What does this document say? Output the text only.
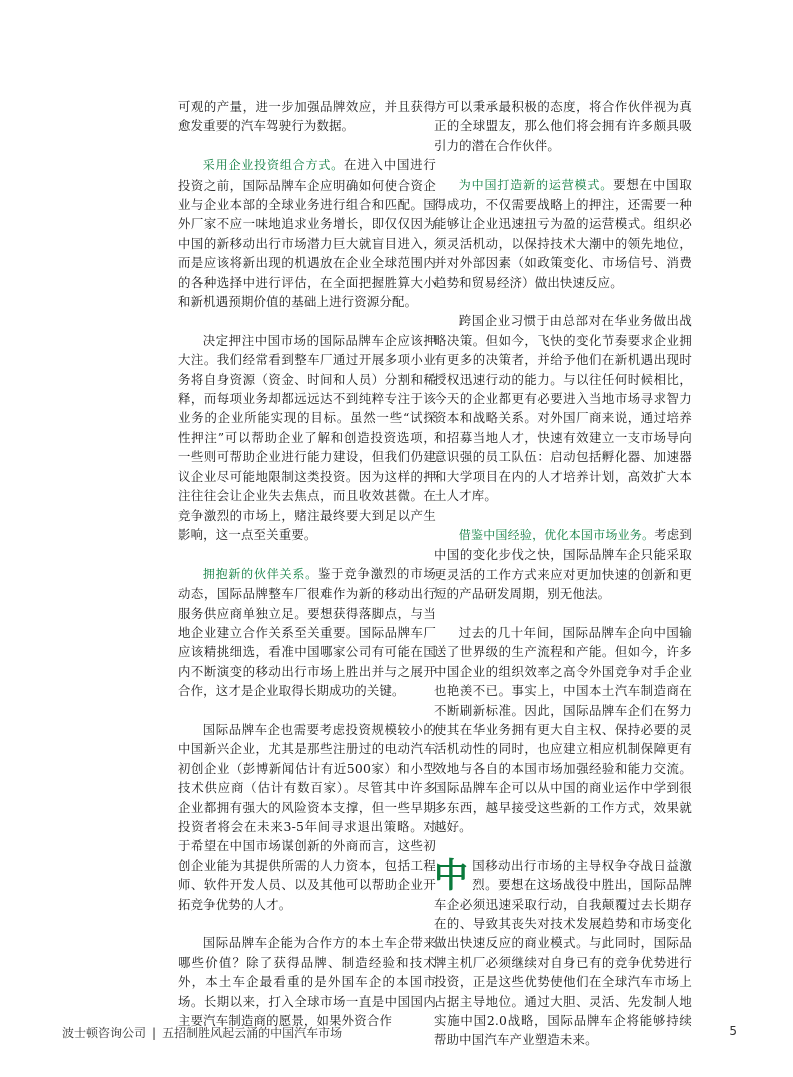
可观的产量，进一步加强品牌效应，并且获得愈发重要的汽车驾驶行为数据。

采用企业投资组合方式。在进入中国进行投资之前，国际品牌车企应明确如何使合资企业与企业本部的全球业务进行组合和匹配。国外厂家不应一味地追求业务增长，即仅仅因为中国的新移动出行市场潜力巨大就盲目进入，而是应该将新出现的机遇放在企业全球范围内的各种选择中进行评估，在全面把握胜算大小和新机遇预期价值的基础上进行资源分配。

决定押注中国市场的国际品牌车企应该押大注。我们经常看到整车厂通过开展多项小业务将自身资源（资金、时间和人员）分割和稀释，而每项业务却都远远达不到纯粹专注于该业务的企业所能实现的目标。虽然一些“试探性押注”可以帮助企业了解和创造投资选项，一些则可帮助企业进行能力建设，但我们仍建议企业尽可能地限制这类投资。因为这样的押注往往会让企业失去焦点，而且收效甚微。在竞争激烈的市场上，赌注最终要大到足以产生影响，这一点至关重要。

拥抱新的伙伴关系。鉴于竞争激烈的市场动态，国际品牌整车厂很难作为新的移动出行服务供应商单独立足。要想获得落脚点，与当地企业建立合作关系至关重要。国际品牌车厂应该精挑细选，看准中国哪家公司有可能在国内不断演变的移动出行市场上胜出并与之展开合作，这才是企业取得长期成功的关键。

国际品牌车企也需要考虑投资规模较小的中国新兴企业，尤其是那些注册过的电动汽车初创企业（彭博新闻估计有近500家）和小型技术供应商（估计有数百家）。尽管其中许多企业都拥有强大的风险资本支撑，但一些早期投资者将会在未来3-5年间寻求退出策略。对于希望在中国市场谋创新的外商而言，这些初创企业能为其提供所需的人力资本，包括工程师、软件开发人员、以及其他可以帮助企业开拓竞争优势的人才。

国际品牌车企能为合作方的本土车企带来哪些价值？除了获得品牌、制造经验和技术外，本土车企最看重的是外国车企的本国市场。长期以来，打入全球市场一直是中国国内主要汽车制造商的愿景，如果外资合作

方可以秉承最积极的态度，将合作伙伴视为真正的全球盟友，那么他们将会拥有许多颇具吸引力的潜在合作伙伴。

为中国打造新的运营模式。要想在中国取得成功，不仅需要战略上的押注，还需要一种能够让企业迅速扭亏为盈的运营模式。组织必须灵活机动，以保持技术大潮中的领先地位，并对外部因素（如政策变化、市场信号、消费趋势和贸易经济）做出快速反应。

跨国企业习惯于由总部对在华业务做出战略决策。但如今，飞快的变化节奏要求企业拥有更多的决策者，并给予他们在新机遇出现时授权迅速行动的能力。与以往任何时候相比，今天的企业都更有必要进入当地市场寻求智力资本和战略关系。对外国厂商来说，通过培养和招募当地人才，快速有效建立一支市场导向意识强的员工队伍：启动包括孵化器、加速器和大学项目在内的人才培养计划，高效扩大本土人才库。

借鉴中国经验，优化本国市场业务。考虑到中国的变化步伐之快，国际品牌车企只能采取更灵活的工作方式来应对更加快速的创新和更短的产品研发周期，别无他法。

过去的几十年间，国际品牌车企向中国输送了世界级的生产流程和产能。但如今，许多中国企业的组织效率之高令外国竞争对手企业也艳羡不已。事实上，中国本土汽车制造商在不断刷新标准。因此，国际品牌车企们在努力使其在华业务拥有更大自主权、保持必要的灵活机动性的同时，也应建立相应机制保障更有效地与各自的本国市场加强经验和能力交流。国际品牌车企可以从中国的商业运作中学到很多东西，越早接受这些新的工作方式，效果就越好。

中国移动出行市场的主导权争夺战日益激烈。要想在这场战役中胜出，国际品牌车企必须迅速采取行动，自我颠覆过去长期存在的、导致其丧失对技术发展趋势和市场变化做出快速反应的商业模式。与此同时，国际品牌主机厂必须继续对自身已有的竞争优势进行投资，正是这些优势使他们在全球汽车市场上占据主导地位。通过大胆、灵活、先发制人地实施中国2.0战略，国际品牌车企将能够持续帮助中国汽车产业塑造未来。

波士顿咨询公司 | 五招制胜风起云涌的中国汽车市场	5
